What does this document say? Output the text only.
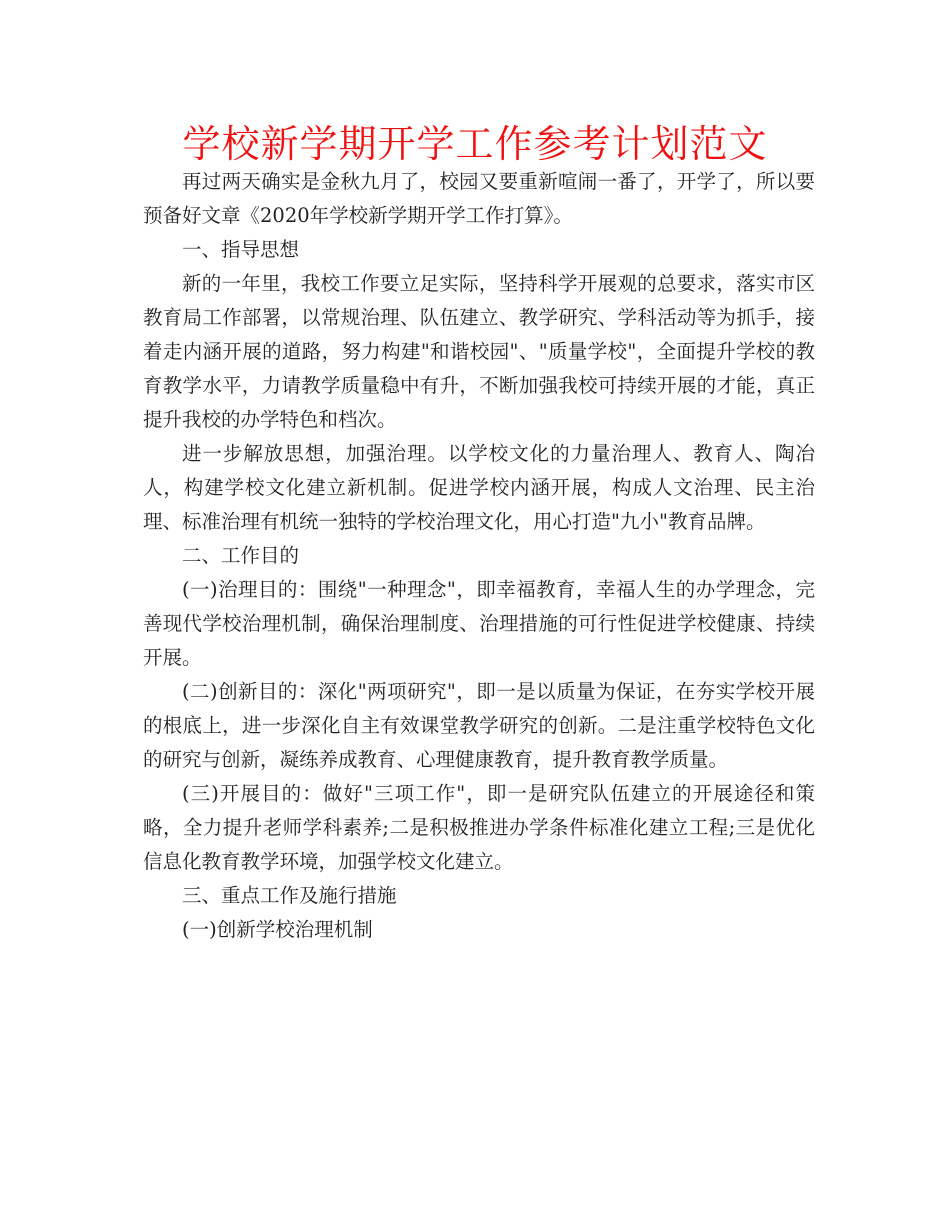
学校新学期开学工作参考计划范文

再过两天确实是金秋九月了，校园又要重新喧闹一番了，开学了，所以要预备好文章《2020年学校新学期开学工作打算》。

一、指导思想

新的一年里，我校工作要立足实际，坚持科学开展观的总要求，落实市区教育局工作部署，以常规治理、队伍建立、教学研究、学科活动等为抓手，接着走内涵开展的道路，努力构建"和谐校园"、"质量学校"，全面提升学校的教育教学水平，力请教学质量稳中有升，不断加强我校可持续开展的才能，真正提升我校的办学特色和档次。

进一步解放思想，加强治理。以学校文化的力量治理人、教育人、陶冶人，构建学校文化建立新机制。促进学校内涵开展，构成人文治理、民主治理、标准治理有机统一独特的学校治理文化，用心打造"九小"教育品牌。

二、工作目的

(一)治理目的：围绕"一种理念"，即幸福教育，幸福人生的办学理念，完善现代学校治理机制，确保治理制度、治理措施的可行性促进学校健康、持续开展。

(二)创新目的：深化"两项研究"，即一是以质量为保证，在夯实学校开展的根底上，进一步深化自主有效课堂教学研究的创新。二是注重学校特色文化的研究与创新，凝练养成教育、心理健康教育，提升教育教学质量。

(三)开展目的：做好"三项工作"，即一是研究队伍建立的开展途径和策略，全力提升老师学科素养;二是积极推进办学条件标准化建立工程;三是优化信息化教育教学环境，加强学校文化建立。

三、重点工作及施行措施

(一)创新学校治理机制
